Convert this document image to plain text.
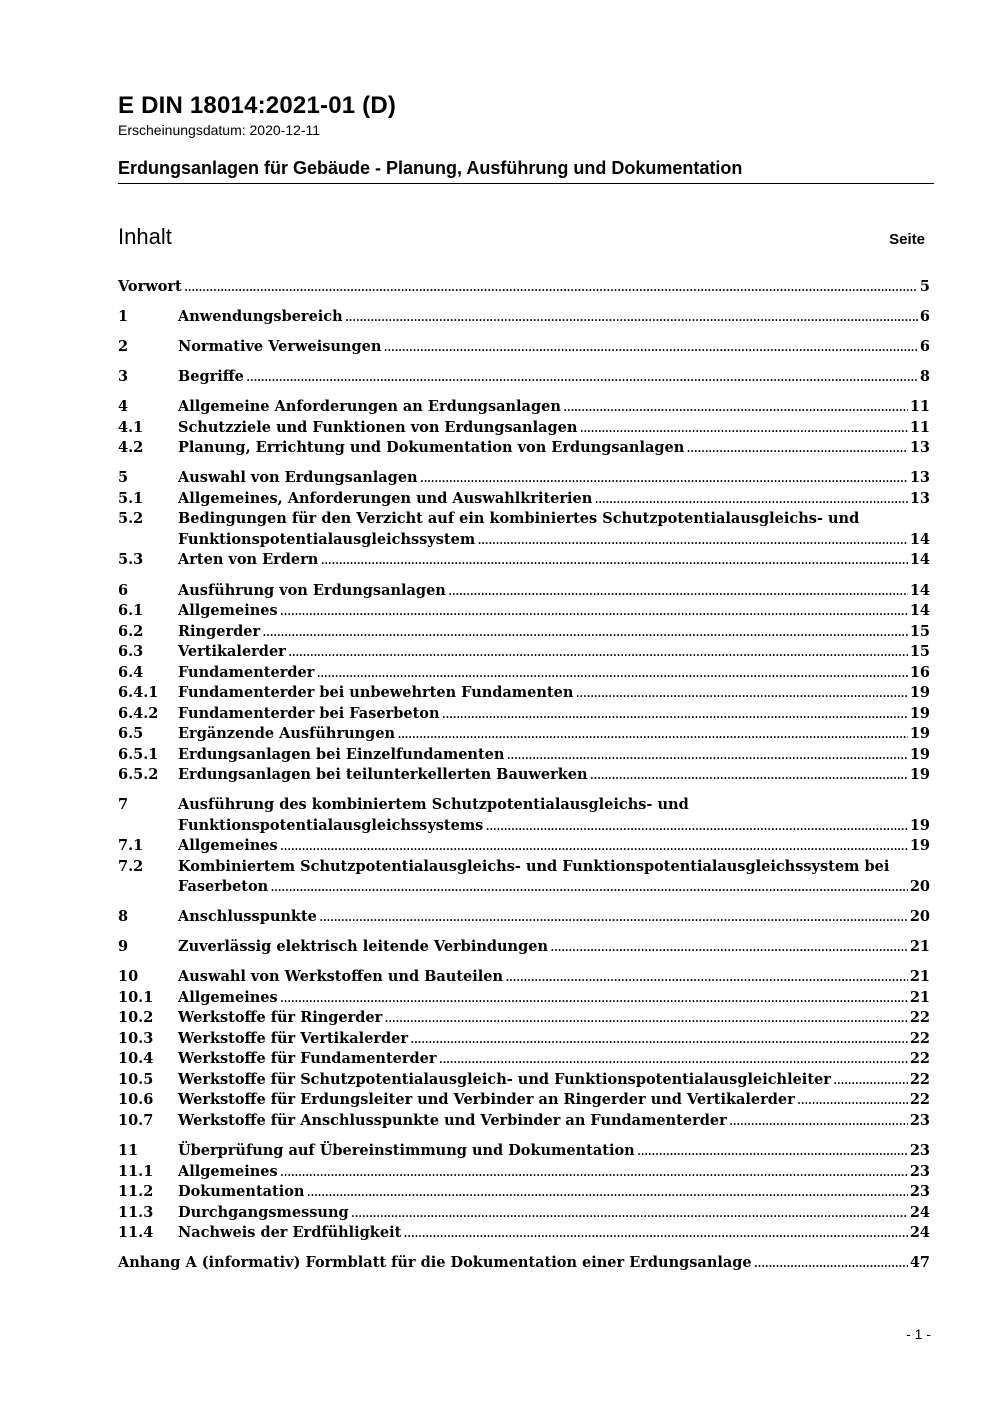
E DIN 18014:2021-01 (D)
Erscheinungsdatum: 2020-12-11
Erdungsanlagen für Gebäude - Planung, Ausführung und Dokumentation
Inhalt	Seite
Vorwort .....	5
1	Anwendungsbereich .....	6
2	Normative Verweisungen .....	6
3	Begriffe .....	8
4	Allgemeine Anforderungen an Erdungsanlagen .....	11
4.1	Schutzziele und Funktionen von Erdungsanlagen .....	11
4.2	Planung, Errichtung und Dokumentation von Erdungsanlagen .....	13
5	Auswahl von Erdungsanlagen .....	13
5.1	Allgemeines, Anforderungen und Auswahlkriterien .....	13
5.2	Bedingungen für den Verzicht auf ein kombiniertes Schutzpotentialausgleichs- und
Funktionspotentialausgleichssystem .....	14
5.3	Arten von Erdern .....	14
6	Ausführung von Erdungsanlagen .....	14
6.1	Allgemeines .....	14
6.2	Ringerder .....	15
6.3	Vertikalerder .....	15
6.4	Fundamenterder .....	16
6.4.1	Fundamenterder bei unbewehrten Fundamenten .....	19
6.4.2	Fundamenterder bei Faserbeton .....	19
6.5	Ergänzende Ausführungen .....	19
6.5.1	Erdungsanlagen bei Einzelfundamenten .....	19
6.5.2	Erdungsanlagen bei teilunterkellerten Bauwerken .....	19
7	Ausführung des kombiniertem Schutzpotentialausgleichs- und
Funktionspotentialausgleichssystems .....	19
7.1	Allgemeines .....	19
7.2	Kombiniertem Schutzpotentialausgleichs- und Funktionspotentialausgleichssystem bei
Faserbeton .....	20
8	Anschlusspunkte .....	20
9	Zuverlässig elektrisch leitende Verbindungen .....	21
10	Auswahl von Werkstoffen und Bauteilen .....	21
10.1	Allgemeines .....	21
10.2	Werkstoffe für Ringerder .....	22
10.3	Werkstoffe für Vertikalerder .....	22
10.4	Werkstoffe für Fundamenterder .....	22
10.5	Werkstoffe für Schutzpotentialausgleich- und Funktionspotentialausgleichleiter .....	22
10.6	Werkstoffe für Erdungsleiter und Verbinder an Ringerder und Vertikalerder .....	22
10.7	Werkstoffe für Anschlusspunkte und Verbinder an Fundamenterder .....	23
11	Überprüfung auf Übereinstimmung und Dokumentation .....	23
11.1	Allgemeines .....	23
11.2	Dokumentation .....	23
11.3	Durchgangsmessung .....	24
11.4	Nachweis der Erdfühligkeit .....	24
Anhang A (informativ) Formblatt für die Dokumentation einer Erdungsanlage .....	47
- 1 -
